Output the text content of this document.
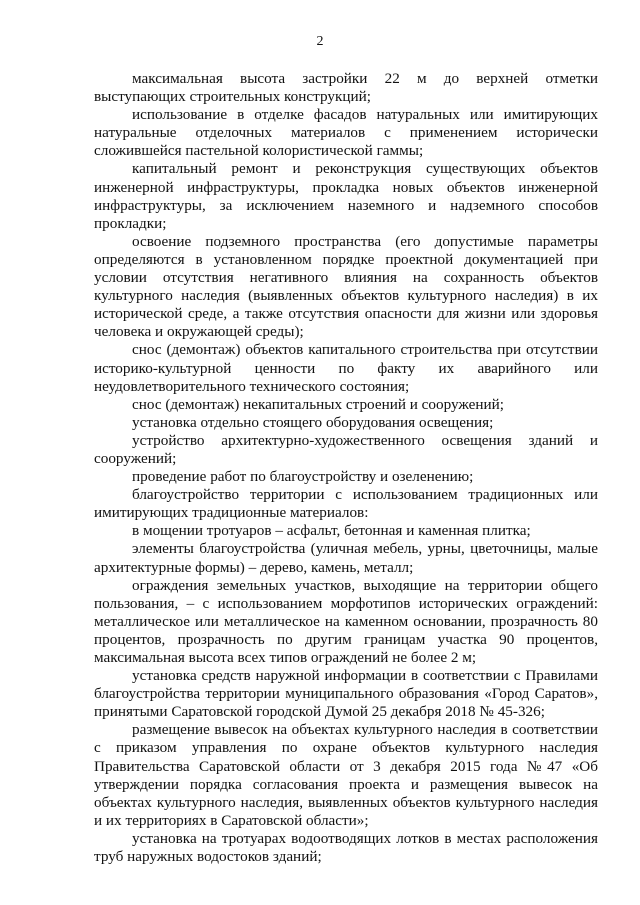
2

максимальная высота застройки 22 м до верхней отметки выступающих строительных конструкций;

использование в отделке фасадов натуральных или имитирующих натуральные отделочных материалов с применением исторически сложившейся пастельной колористической гаммы;

капитальный ремонт и реконструкция существующих объектов инженерной инфраструктуры, прокладка новых объектов инженерной инфраструктуры, за исключением наземного и надземного способов прокладки;

освоение подземного пространства (его допустимые параметры определяются в установленном порядке проектной документацией при условии отсутствия негативного влияния на сохранность объектов культурного наследия (выявленных объектов культурного наследия) в их исторической среде, а также отсутствия опасности для жизни или здоровья человека и окружающей среды);

снос (демонтаж) объектов капитального строительства при отсутствии историко-культурной ценности по факту их аварийного или неудовлетворительного технического состояния;

снос (демонтаж) некапитальных строений и сооружений;

установка отдельно стоящего оборудования освещения;

устройство архитектурно-художественного освещения зданий и сооружений;

проведение работ по благоустройству и озеленению;

благоустройство территории с использованием традиционных или имитирующих традиционные материалов:

в мощении тротуаров – асфальт, бетонная и каменная плитка;

элементы благоустройства (уличная мебель, урны, цветочницы, малые архитектурные формы) – дерево, камень, металл;

ограждения земельных участков, выходящие на территории общего пользования, – с использованием морфотипов исторических ограждений: металлическое или металлическое на каменном основании, прозрачность 80 процентов, прозрачность по другим границам участка 90 процентов, максимальная высота всех типов ограждений не более 2 м;

установка средств наружной информации в соответствии с Правилами благоустройства территории муниципального образования «Город Саратов», принятыми Саратовской городской Думой 25 декабря 2018 № 45-326;

размещение вывесок на объектах культурного наследия в соответствии с приказом управления по охране объектов культурного наследия Правительства Саратовской области от 3 декабря 2015 года №47 «Об утверждении порядка согласования проекта и размещения вывесок на объектах культурного наследия, выявленных объектов культурного наследия и их территориях в Саратовской области»;

установка на тротуарах водоотводящих лотков в местах расположения труб наружных водостоков зданий;
